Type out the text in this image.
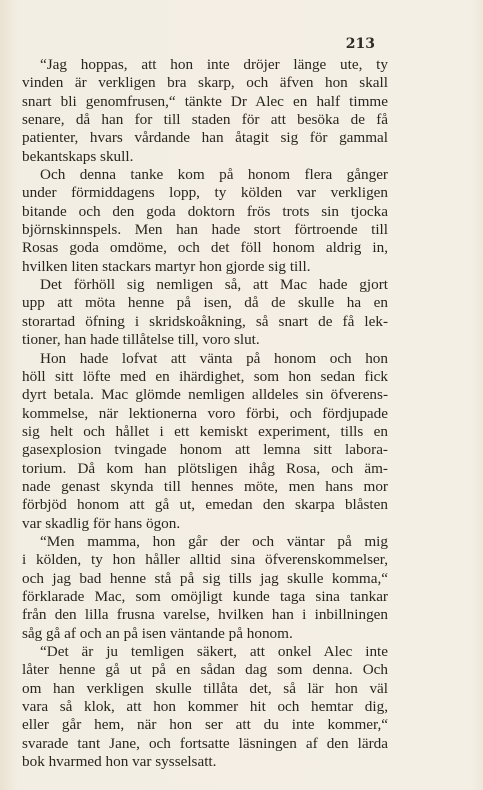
213
“Jag hoppas, att hon inte dröjer länge ute, ty
vinden är verkligen bra skarp, och äfven hon skall
snart bli genomfrusen,“ tänkte Dr Alec en half timme
senare, då han for till staden för att besöka de få
patienter, hvars vårdande han åtagit sig för gammal
bekantskaps skull.
Och denna tanke kom på honom flera gånger
under förmiddagens lopp, ty kölden var verkligen
bitande och den goda doktorn frös trots sin tjocka
björnskinnspels. Men han hade stort förtroende till
Rosas goda omdöme, och det föll honom aldrig in,
hvilken liten stackars martyr hon gjorde sig till.
Det förhöll sig nemligen så, att Mac hade gjort
upp att möta henne på isen, då de skulle ha en
storartad öfning i skridskoåkning, så snart de få lek-
tioner, han hade tillåtelse till, voro slut.
Hon hade lofvat att vänta på honom och hon
höll sitt löfte med en ihärdighet, som hon sedan fick
dyrt betala. Mac glömde nemligen alldeles sin öfverens-
kommelse, när lektionerna voro förbi, och fördjupade
sig helt och hållet i ett kemiskt experiment, tills en
gasexplosion tvingade honom att lemna sitt labora-
torium. Då kom han plötsligen ihåg Rosa, och äm-
nade genast skynda till hennes möte, men hans mor
förbjöd honom att gå ut, emedan den skarpa blåsten
var skadlig för hans ögon.
“Men mamma, hon går der och väntar på mig
i kölden, ty hon håller alltid sina öfverenskommelser,
och jag bad henne stå på sig tills jag skulle komma,“
förklarade Mac, som omöjligt kunde taga sina tankar
från den lilla frusna varelse, hvilken han i inbillningen
såg gå af och an på isen väntande på honom.
“Det är ju temligen säkert, att onkel Alec inte
låter henne gå ut på en sådan dag som denna. Och
om han verkligen skulle tillåta det, så lär hon väl
vara så klok, att hon kommer hit och hemtar dig,
eller går hem, när hon ser att du inte kommer,“
svarade tant Jane, och fortsatte läsningen af den lärda
bok hvarmed hon var sysselsatt.
